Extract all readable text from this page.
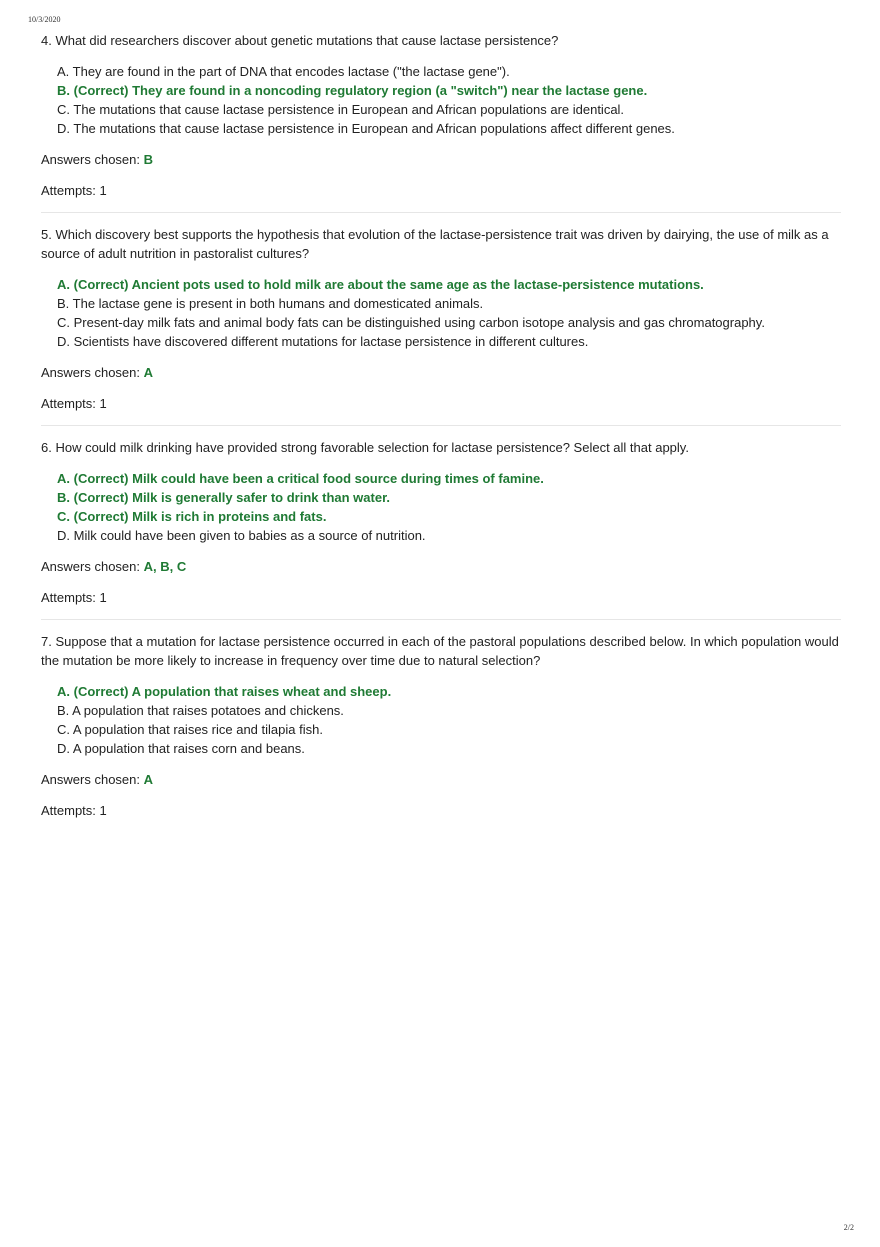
10/3/2020

4. What did researchers discover about genetic mutations that cause lactase persistence?

A. They are found in the part of DNA that encodes lactase ("the lactase gene").
B. (Correct) They are found in a noncoding regulatory region (a "switch") near the lactase gene.
C. The mutations that cause lactase persistence in European and African populations are identical.
D. The mutations that cause lactase persistence in European and African populations affect different genes.

Answers chosen: B

Attempts: 1

5. Which discovery best supports the hypothesis that evolution of the lactase-persistence trait was driven by dairying, the use of milk as a source of adult nutrition in pastoralist cultures?

A. (Correct) Ancient pots used to hold milk are about the same age as the lactase-persistence mutations.
B. The lactase gene is present in both humans and domesticated animals.
C. Present-day milk fats and animal body fats can be distinguished using carbon isotope analysis and gas chromatography.
D. Scientists have discovered different mutations for lactase persistence in different cultures.

Answers chosen: A

Attempts: 1

6. How could milk drinking have provided strong favorable selection for lactase persistence? Select all that apply.

A. (Correct) Milk could have been a critical food source during times of famine.
B. (Correct) Milk is generally safer to drink than water.
C. (Correct) Milk is rich in proteins and fats.
D. Milk could have been given to babies as a source of nutrition.

Answers chosen: A, B, C

Attempts: 1

7. Suppose that a mutation for lactase persistence occurred in each of the pastoral populations described below. In which population would the mutation be more likely to increase in frequency over time due to natural selection?

A. (Correct) A population that raises wheat and sheep.
B. A population that raises potatoes and chickens.
C. A population that raises rice and tilapia fish.
D. A population that raises corn and beans.

Answers chosen: A

Attempts: 1

2/2
